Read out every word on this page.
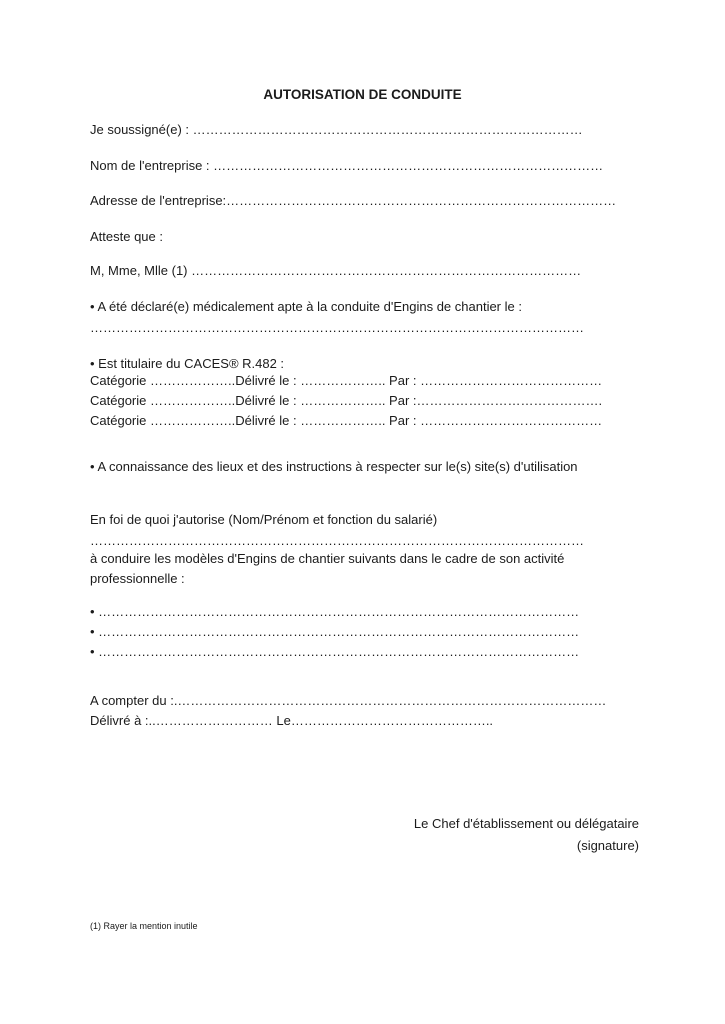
AUTORISATION DE CONDUITE
Je soussigné(e) : ………………………………………………………………………………
Nom de l'entreprise : ………………………………………………………………………………
Adresse de l'entreprise:………………………………………………………………………………
Atteste que :
M, Mme, Mlle (1) ………………………………………………………………………………
• A été déclaré(e) médicalement apte à la conduite d'Engins de chantier le :
……………………………………………………………………………………………………
• Est titulaire du CACES® R.482 :
Catégorie ………………..Délivré le : ……………….. Par : ……………………………………
Catégorie ………………..Délivré le : ……………….. Par :…………………………………….
Catégorie ………………..Délivré le : ……………….. Par : ……………………………………
• A connaissance des lieux et des instructions à respecter sur le(s) site(s) d'utilisation
En foi de quoi j'autorise (Nom/Prénom et fonction du salarié)
……………………………………………………………………………………………………
à conduire les modèles d'Engins de chantier suivants dans le cadre de son activité
professionnelle :
• …………………………………………………………………………………………………
• …………………………………………………………………………………………………
• …………………………………………………………………………………………………
A compter du :.………………………………………………………………………………………
Délivré à :..……………………… Le………………………………………..
Le Chef d'établissement ou délégataire
(signature)
(1) Rayer la mention inutile
